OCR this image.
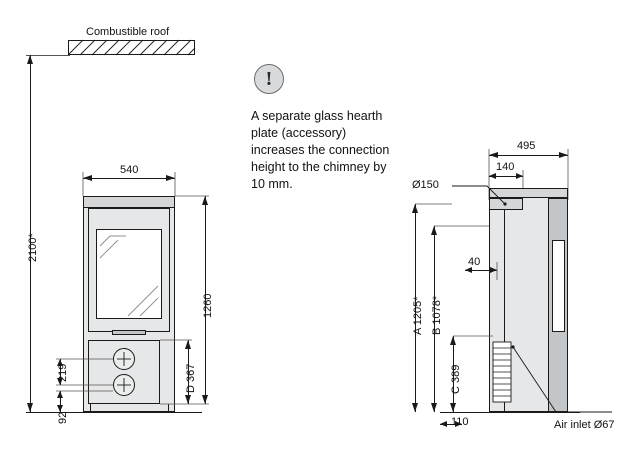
Combustible roof
2100*
540
1260
D 367
219
92
!
A separate glass hearth plate (accessory) increases the connection height to the chimney by 10 mm.
495
140
Ø150
40
A 1205* B 1078*
C 389
110	Air inlet Ø67
